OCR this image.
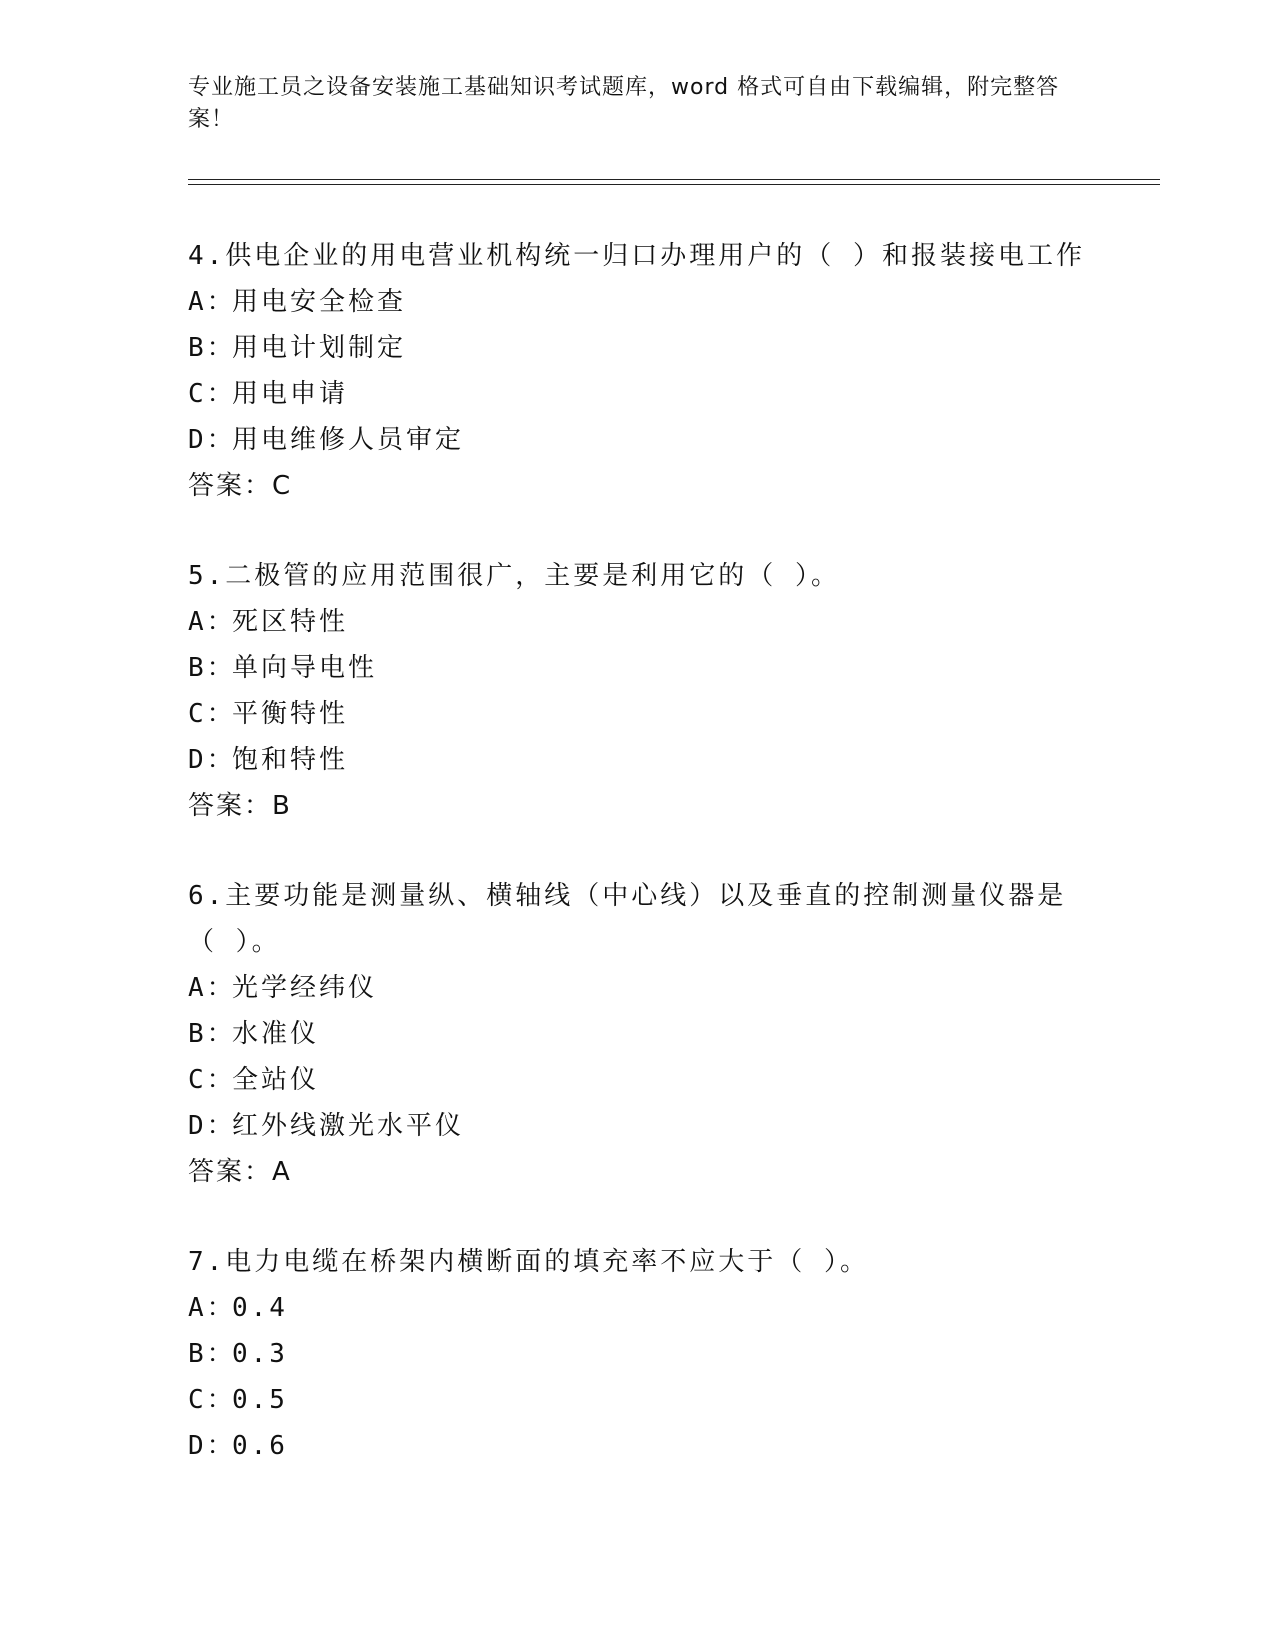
专业施工员之设备安装施工基础知识考试题库，word 格式可自由下载编辑，附完整答案！

4.供电企业的用电营业机构统一归口办理用户的（ ）和报装接电工作

A：用电安全检查

B：用电计划制定

C：用电申请

D：用电维修人员审定

答案：C

5.二极管的应用范围很广，主要是利用它的（ ）。

A：死区特性

B：单向导电性

C：平衡特性

D：饱和特性

答案：B

6.主要功能是测量纵、横轴线（中心线）以及垂直的控制测量仪器是（ ）。

A：光学经纬仪

B：水准仪

C：全站仪

D：红外线激光水平仪

答案：A

7.电力电缆在桥架内横断面的填充率不应大于（ ）。

A：0.4

B：0.3

C：0.5

D：0.6
